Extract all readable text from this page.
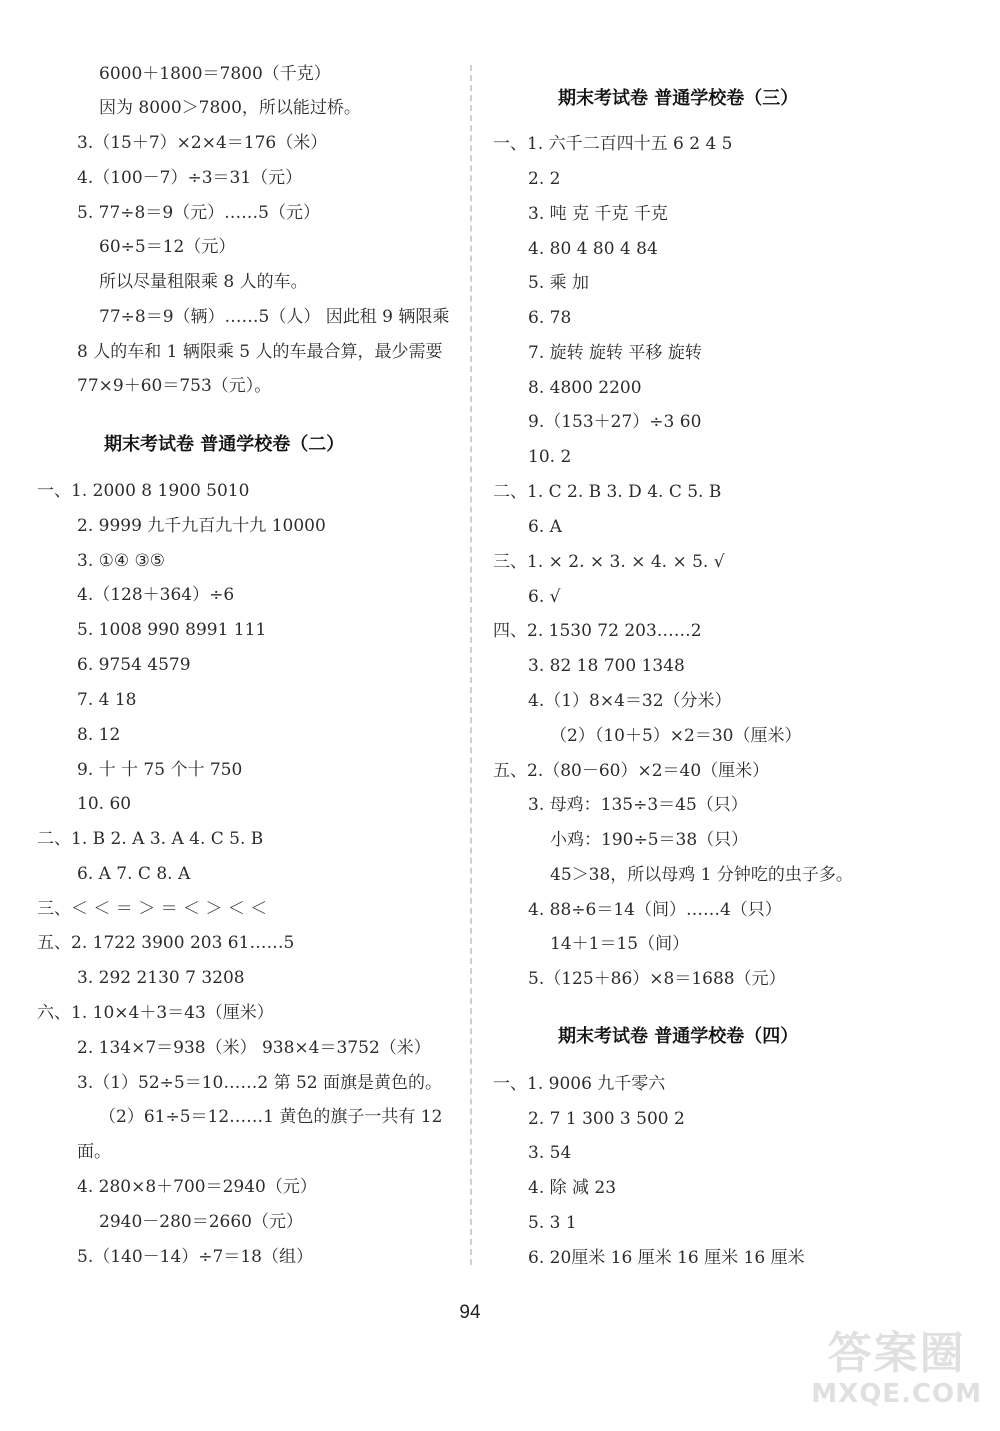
6000＋1800＝7800（千克）
因为 8000＞7800，所以能过桥。
3.（15＋7）×2×4＝176（米）
4.（100－7）÷3＝31（元）
5. 77÷8＝9（元）……5（元）
60÷5＝12（元）
所以尽量租限乘 8 人的车。
77÷8＝9（辆）……5（人） 因此租 9 辆限乘
8 人的车和 1 辆限乘 5 人的车最合算，最少需要
77×9＋60＝753（元）。
期末考试卷 普通学校卷（二）
一、1. 2000 8 1900 5010
2. 9999 九千九百九十九 10000
3. ①④ ③⑤
4.（128＋364）÷6
5. 1008 990 8991 111
6. 9754 4579
7. 4 18
8. 12
9. 十 十 75 个十 750
10. 60
二、1. B 2. A 3. A 4. C 5. B
6. A 7. C 8. A
三、＜ ＜ ＝ ＞ ＝ ＜ ＞ ＜ ＜
五、2. 1722 3900 203 61……5
3. 292 2130 7 3208
六、1. 10×4＋3＝43（厘米）
2. 134×7＝938（米） 938×4＝3752（米）
3.（1）52÷5＝10……2 第 52 面旗是黄色的。
（2）61÷5＝12……1 黄色的旗子一共有 12
面。
4. 280×8＋700＝2940（元）
2940－280＝2660（元）
5.（140－14）÷7＝18（组）
期末考试卷 普通学校卷（三）
一、1. 六千二百四十五 6 2 4 5
2. 2
3. 吨 克 千克 千克
4. 80 4 80 4 84
5. 乘 加
6. 78
7. 旋转 旋转 平移 旋转
8. 4800 2200
9.（153＋27）÷3 60
10. 2
二、1. C 2. B 3. D 4. C 5. B
6. A
三、1. × 2. × 3. × 4. × 5. √
6. √
四、2. 1530 72 203……2
3. 82 18 700 1348
4.（1）8×4＝32（分米）
（2）（10＋5）×2＝30（厘米）
五、2.（80－60）×2＝40（厘米）
3. 母鸡：135÷3＝45（只）
小鸡：190÷5＝38（只）
45＞38，所以母鸡 1 分钟吃的虫子多。
4. 88÷6＝14（间）……4（只）
14＋1＝15（间）
5.（125＋86）×8＝1688（元）
期末考试卷 普通学校卷（四）
一、1. 9006 九千零六
2. 7 1 300 3 500 2
3. 54
4. 除 减 23
5. 3 1
6. 20厘米 16 厘米 16 厘米 16 厘米
94
答案圈
MXQE.COM
